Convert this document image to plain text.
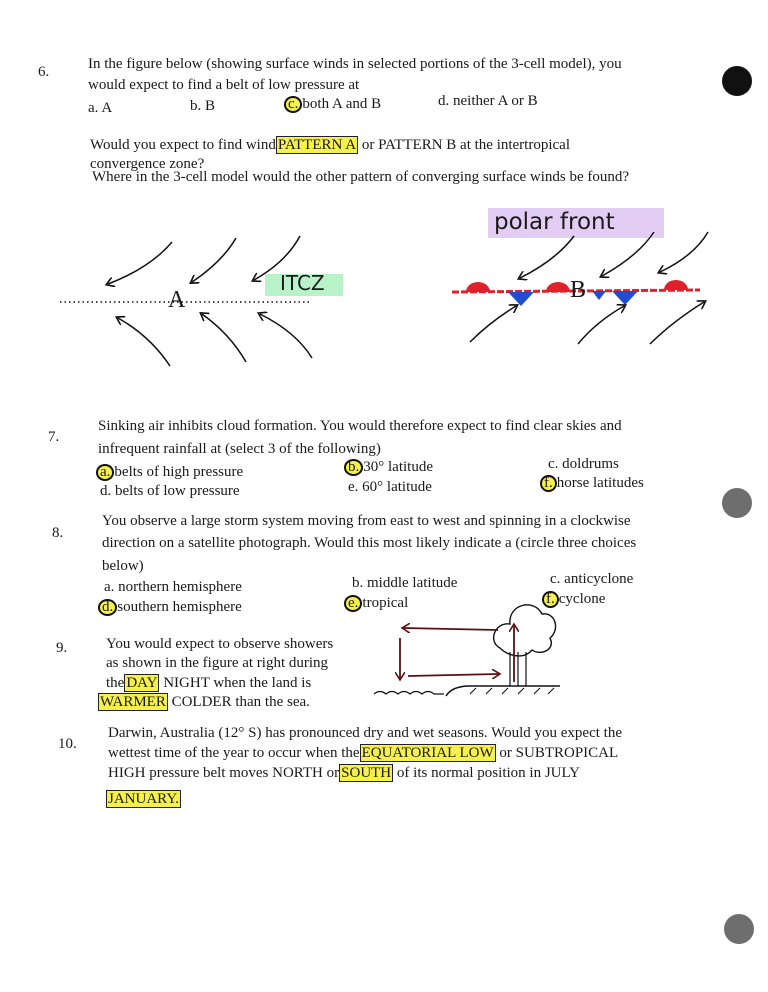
6.	In the figure below (showing surface winds in selected portions of the 3-cell model), you
would expect to find a belt of low pressure at
a. A	b. B	c. both A and B	d. neither A or B
Would you expect to find wind PATTERN A or PATTERN B at the intertropical
convergence zone?
Where in the 3-cell model would the other pattern of converging surface winds be found?
A
ITCZ	B
polar front
7.
Sinking air inhibits cloud formation. You would therefore expect to find clear skies and
infrequent rainfall at (select 3 of the following)
a. belts of high pressure	b. 30° latitude	c. doldrums
d. belts of low pressure	e. 60° latitude	f. horse latitudes
8.
You observe a large storm system moving from east to west and spinning in a clockwise
direction on a satellite photograph. Would this most likely indicate a (circle three choices
below)
a. northern hemisphere	b. middle latitude	c. anticyclone
d. southern hemisphere	e. tropical	f. cyclone
9.	You would expect to observe showers
as shown in the figure at right during
the DAY NIGHT when the land is
WARMER COLDER than the sea.
10.
Darwin, Australia (12° S) has pronounced dry and wet seasons. Would you expect the
wettest time of the year to occur when the EQUATORIAL LOW or SUBTROPICAL
HIGH pressure belt moves NORTH or SOUTH of its normal position in JULY
JANUARY.
